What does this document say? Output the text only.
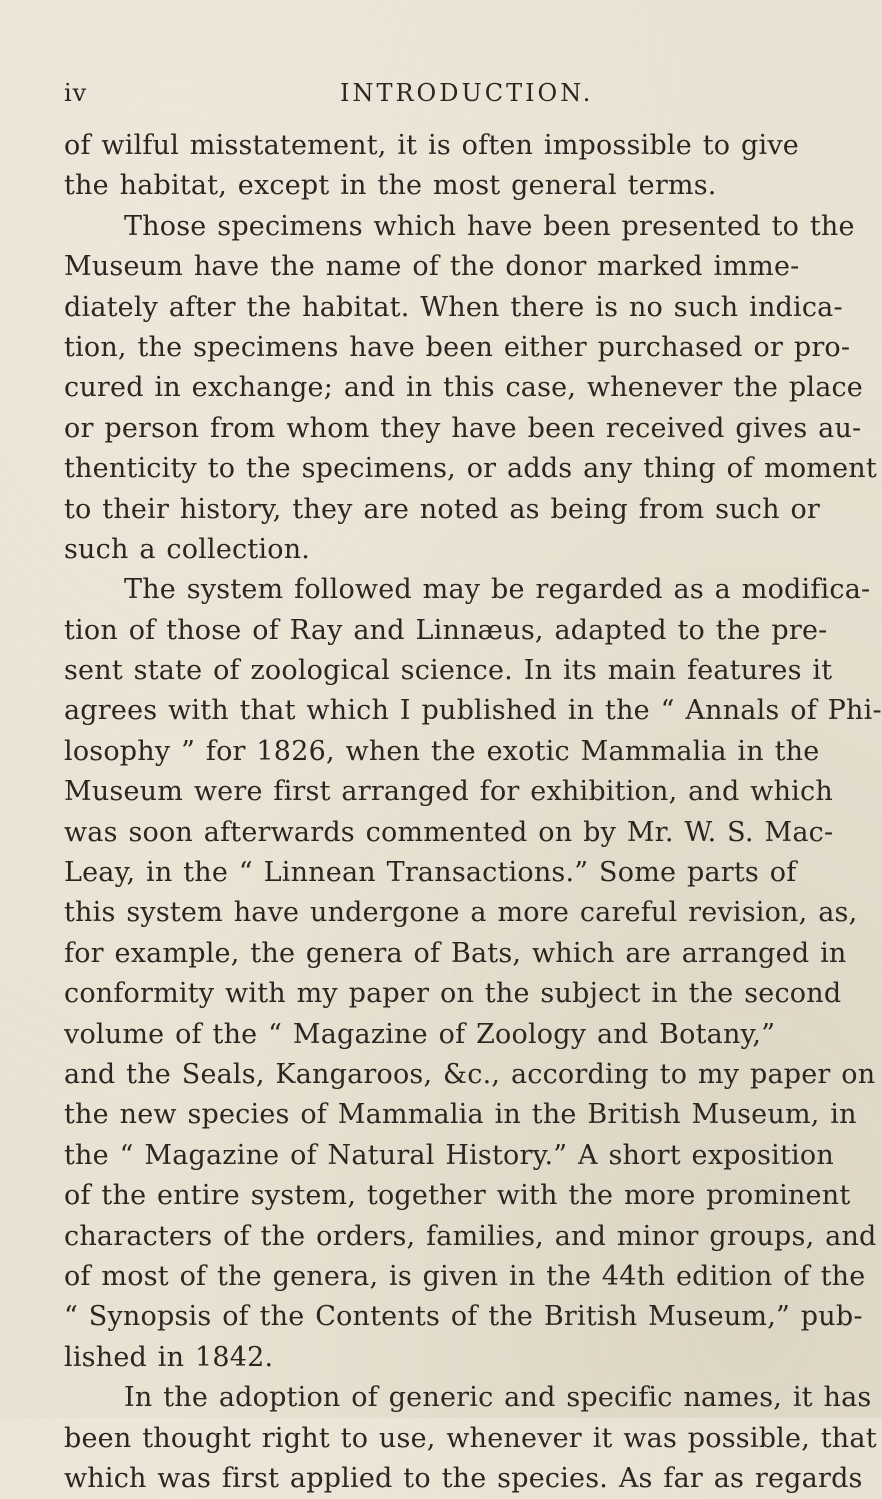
iv	INTRODUCTION.
of wilful misstatement, it is often impossible to give
the habitat, except in the most general terms.
Those specimens which have been presented to the
Museum have the name of the donor marked imme-
diately after the habitat. When there is no such indica-
tion, the specimens have been either purchased or pro-
cured in exchange; and in this case, whenever the place
or person from whom they have been received gives au-
thenticity to the specimens, or adds any thing of moment
to their history, they are noted as being from such or
such a collection.
The system followed may be regarded as a modifica-
tion of those of Ray and Linnæus, adapted to the pre-
sent state of zoological science. In its main features it
agrees with that which I published in the “ Annals of Phi-
losophy ” for 1826, when the exotic Mammalia in the
Museum were first arranged for exhibition, and which
was soon afterwards commented on by Mr. W. S. Mac-
Leay, in the “ Linnean Transactions.” Some parts of
this system have undergone a more careful revision, as,
for example, the genera of Bats, which are arranged in
conformity with my paper on the subject in the second
volume of the “ Magazine of Zoology and Botany,”
and the Seals, Kangaroos, &c., according to my paper on
the new species of Mammalia in the British Museum, in
the “ Magazine of Natural History.” A short exposition
of the entire system, together with the more prominent
characters of the orders, families, and minor groups, and
of most of the genera, is given in the 44th edition of the
“ Synopsis of the Contents of the British Museum,” pub-
lished in 1842.
In the adoption of generic and specific names, it has
been thought right to use, whenever it was possible, that
which was first applied to the species. As far as regards
